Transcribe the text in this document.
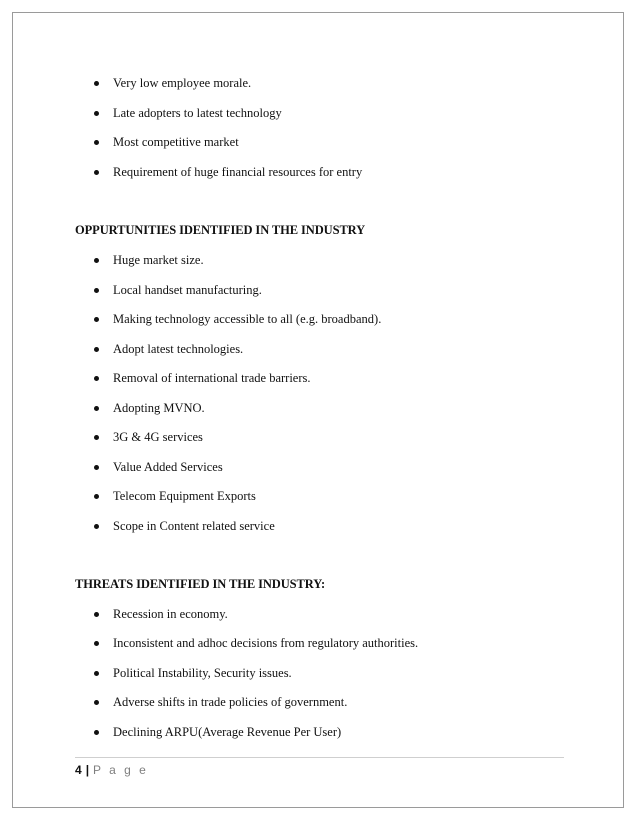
Very low employee morale.
Late adopters to latest technology
Most competitive market
Requirement of huge financial resources for entry
OPPURTUNITIES IDENTIFIED IN THE INDUSTRY
Huge market size.
Local handset manufacturing.
Making technology accessible to all (e.g. broadband).
Adopt latest technologies.
Removal of international trade barriers.
Adopting MVNO.
3G & 4G services
Value Added Services
Telecom Equipment Exports
Scope in Content related service
THREATS IDENTIFIED IN THE INDUSTRY:
Recession in economy.
Inconsistent and adhoc decisions from regulatory authorities.
Political Instability, Security issues.
Adverse shifts in trade policies of government.
Declining ARPU(Average Revenue Per User)
4 | P a g e
